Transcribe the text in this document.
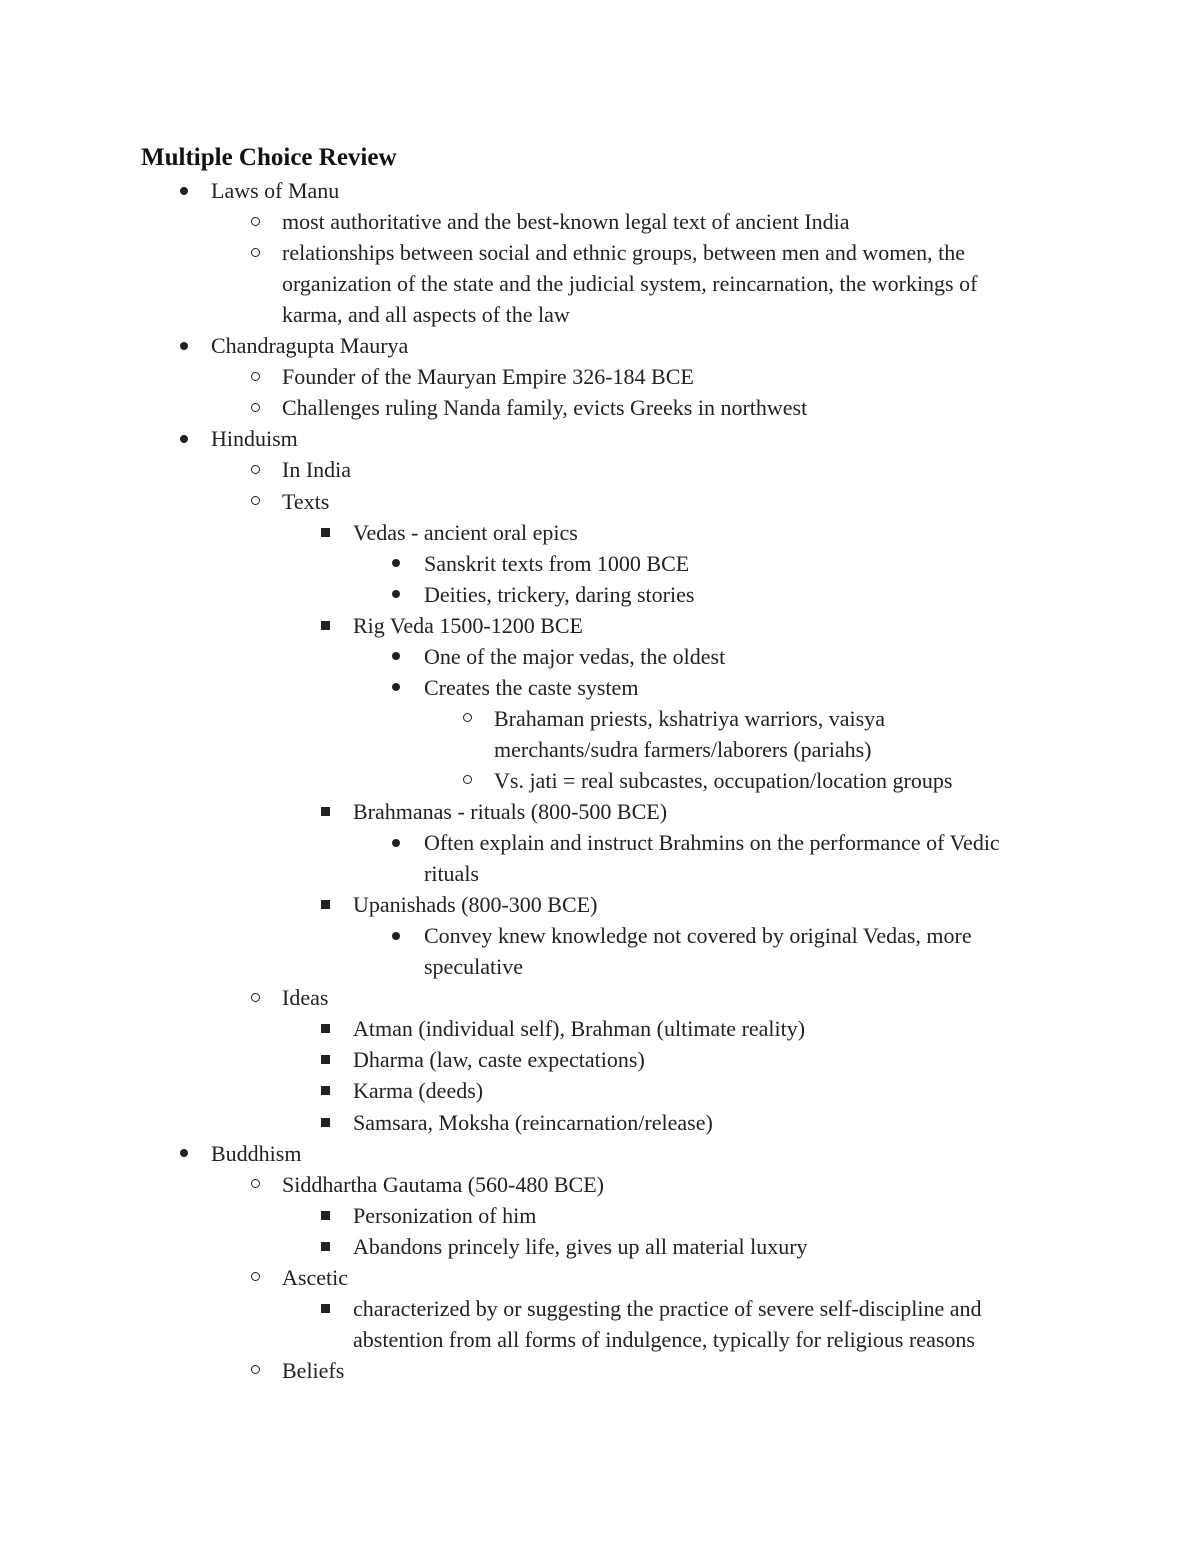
Multiple Choice Review
Laws of Manu
most authoritative and the best-known legal text of ancient India
relationships between social and ethnic groups, between men and women, the
organization of the state and the judicial system, reincarnation, the workings of
karma, and all aspects of the law
Chandragupta Maurya
Founder of the Mauryan Empire 326-184 BCE
Challenges ruling Nanda family, evicts Greeks in northwest
Hinduism
In India
Texts
Vedas - ancient oral epics
Sanskrit texts from 1000 BCE
Deities, trickery, daring stories
Rig Veda 1500-1200 BCE
One of the major vedas, the oldest
Creates the caste system
Brahaman priests, kshatriya warriors, vaisya
merchants/sudra farmers/laborers (pariahs)
Vs. jati = real subcastes, occupation/location groups
Brahmanas - rituals (800-500 BCE)
Often explain and instruct Brahmins on the performance of Vedic
rituals
Upanishads (800-300 BCE)
Convey knew knowledge not covered by original Vedas, more
speculative
Ideas
Atman (individual self), Brahman (ultimate reality)
Dharma (law, caste expectations)
Karma (deeds)
Samsara, Moksha (reincarnation/release)
Buddhism
Siddhartha Gautama (560-480 BCE)
Personization of him
Abandons princely life, gives up all material luxury
Ascetic
characterized by or suggesting the practice of severe self-discipline and
abstention from all forms of indulgence, typically for religious reasons
Beliefs
